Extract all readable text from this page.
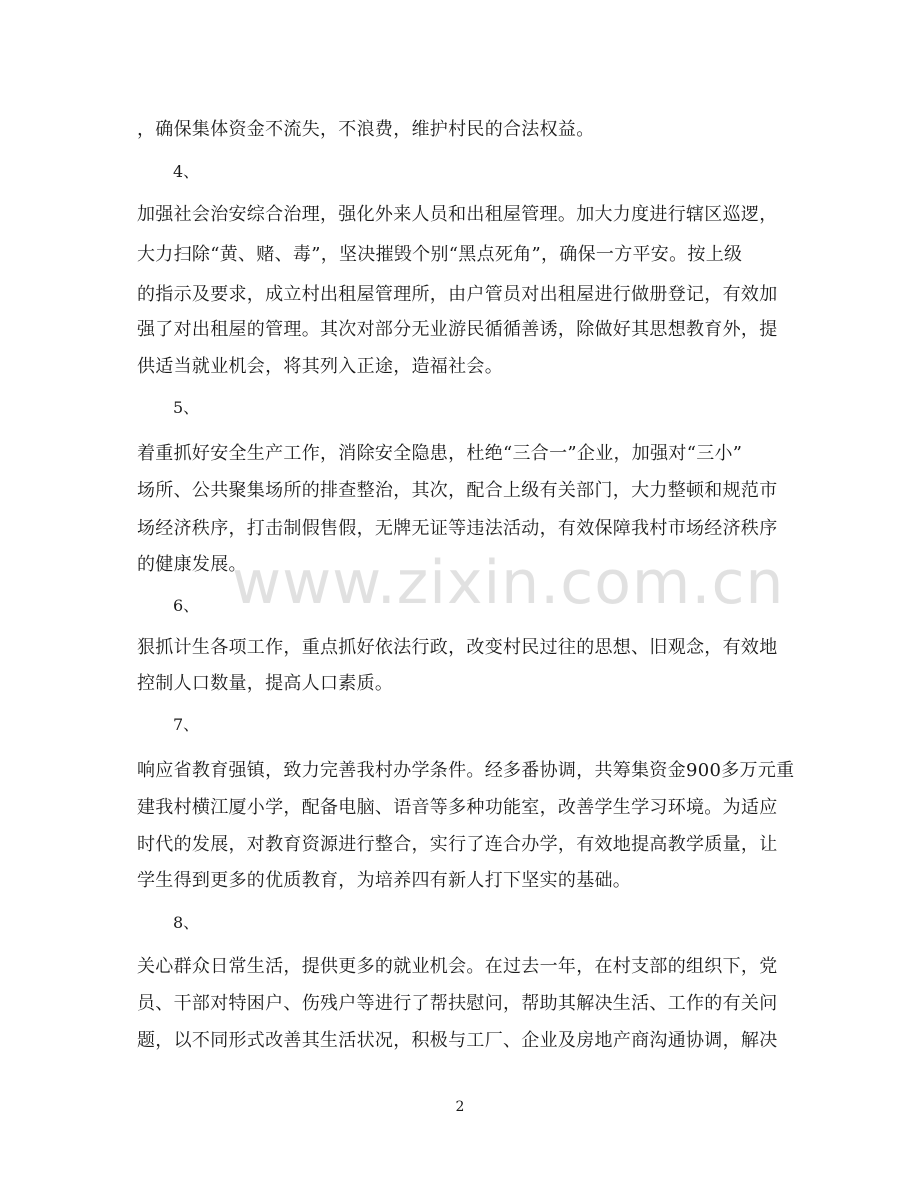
，确保集体资金不流失，不浪费，维护村民的合法权益。
4、
加强社会治安综合治理，强化外来人员和出租屋管理。加大力度进行辖区巡逻，
大力扫除“黄、赌、毒”，坚决摧毁个别“黑点死角”，确保一方平安。按上级
的指示及要求，成立村出租屋管理所，由户管员对出租屋进行做册登记，有效加
强了对出租屋的管理。其次对部分无业游民循循善诱，除做好其思想教育外，提
供适当就业机会，将其列入正途，造福社会。
5、
着重抓好安全生产工作，消除安全隐患，杜绝“三合一”企业，加强对“三小”
场所、公共聚集场所的排查整治，其次，配合上级有关部门，大力整顿和规范市
场经济秩序，打击制假售假，无牌无证等违法活动，有效保障我村市场经济秩序
的健康发展。
6、
狠抓计生各项工作，重点抓好依法行政，改变村民过往的思想、旧观念，有效地
控制人口数量，提高人口素质。
7、
响应省教育强镇，致力完善我村办学条件。经多番协调，共筹集资金900多万元重
建我村横江厦小学，配备电脑、语音等多种功能室，改善学生学习环境。为适应
时代的发展，对教育资源进行整合，实行了连合办学，有效地提高教学质量，让
学生得到更多的优质教育，为培养四有新人打下坚实的基础。
8、
关心群众日常生活，提供更多的就业机会。在过去一年，在村支部的组织下，党
员、干部对特困户、伤残户等进行了帮扶慰问，帮助其解决生活、工作的有关问
题，以不同形式改善其生活状况，积极与工厂、企业及房地产商沟通协调，解决
www.zixin.com.cn
2
